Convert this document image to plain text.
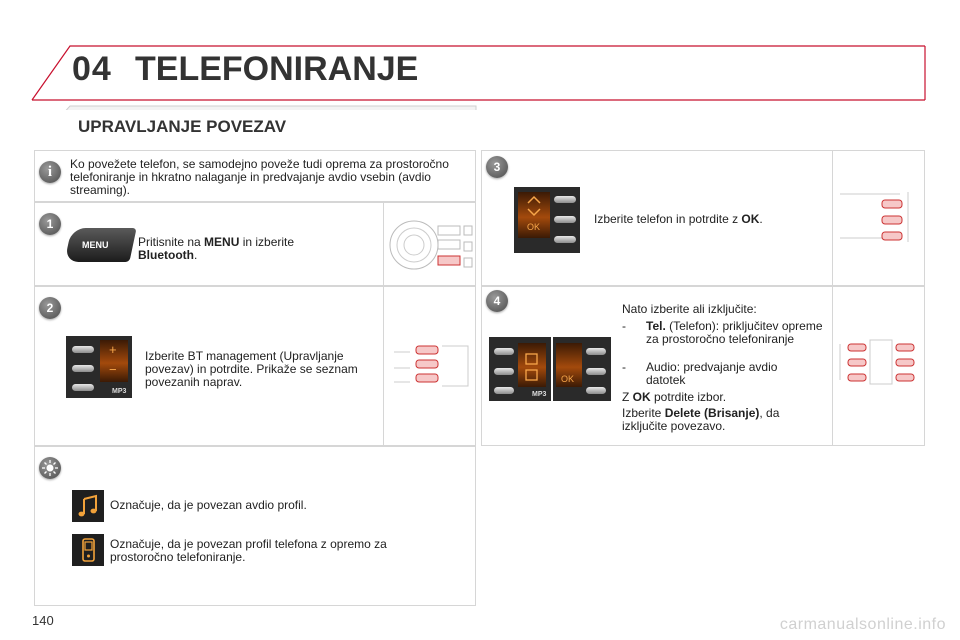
04 TELEFONIRANJE
UPRAVLJANJE POVEZAV
i	Ko povežete telefon, se samodejno poveže tudi oprema za prostoročno telefoniranje in hkratno nalaganje in predvajanje avdio vsebin (avdio streaming).
1
MENU Pritisnite na MENU in izberite
Bluetooth.
2
+
−
MP3
Izberite BT management (Upravljanje povezav) in potrdite. Prikaže se seznam povezanih naprav.
Označuje, da je povezan avdio profil.
Označuje, da je povezan profil telefona z opremo za prostoročno telefoniranje.
3
OK
Izberite telefon in potrdite z OK.
4
MP3
OK
Nato izberite ali izključite:
- Tel. (Telefon): priključitev opreme za prostoročno telefoniranje
- Audio: predvajanje avdio datotek
Z OK potrdite izbor.
Izberite Delete (Brisanje), da izključite povezavo.
140	carmanualsonline.info
